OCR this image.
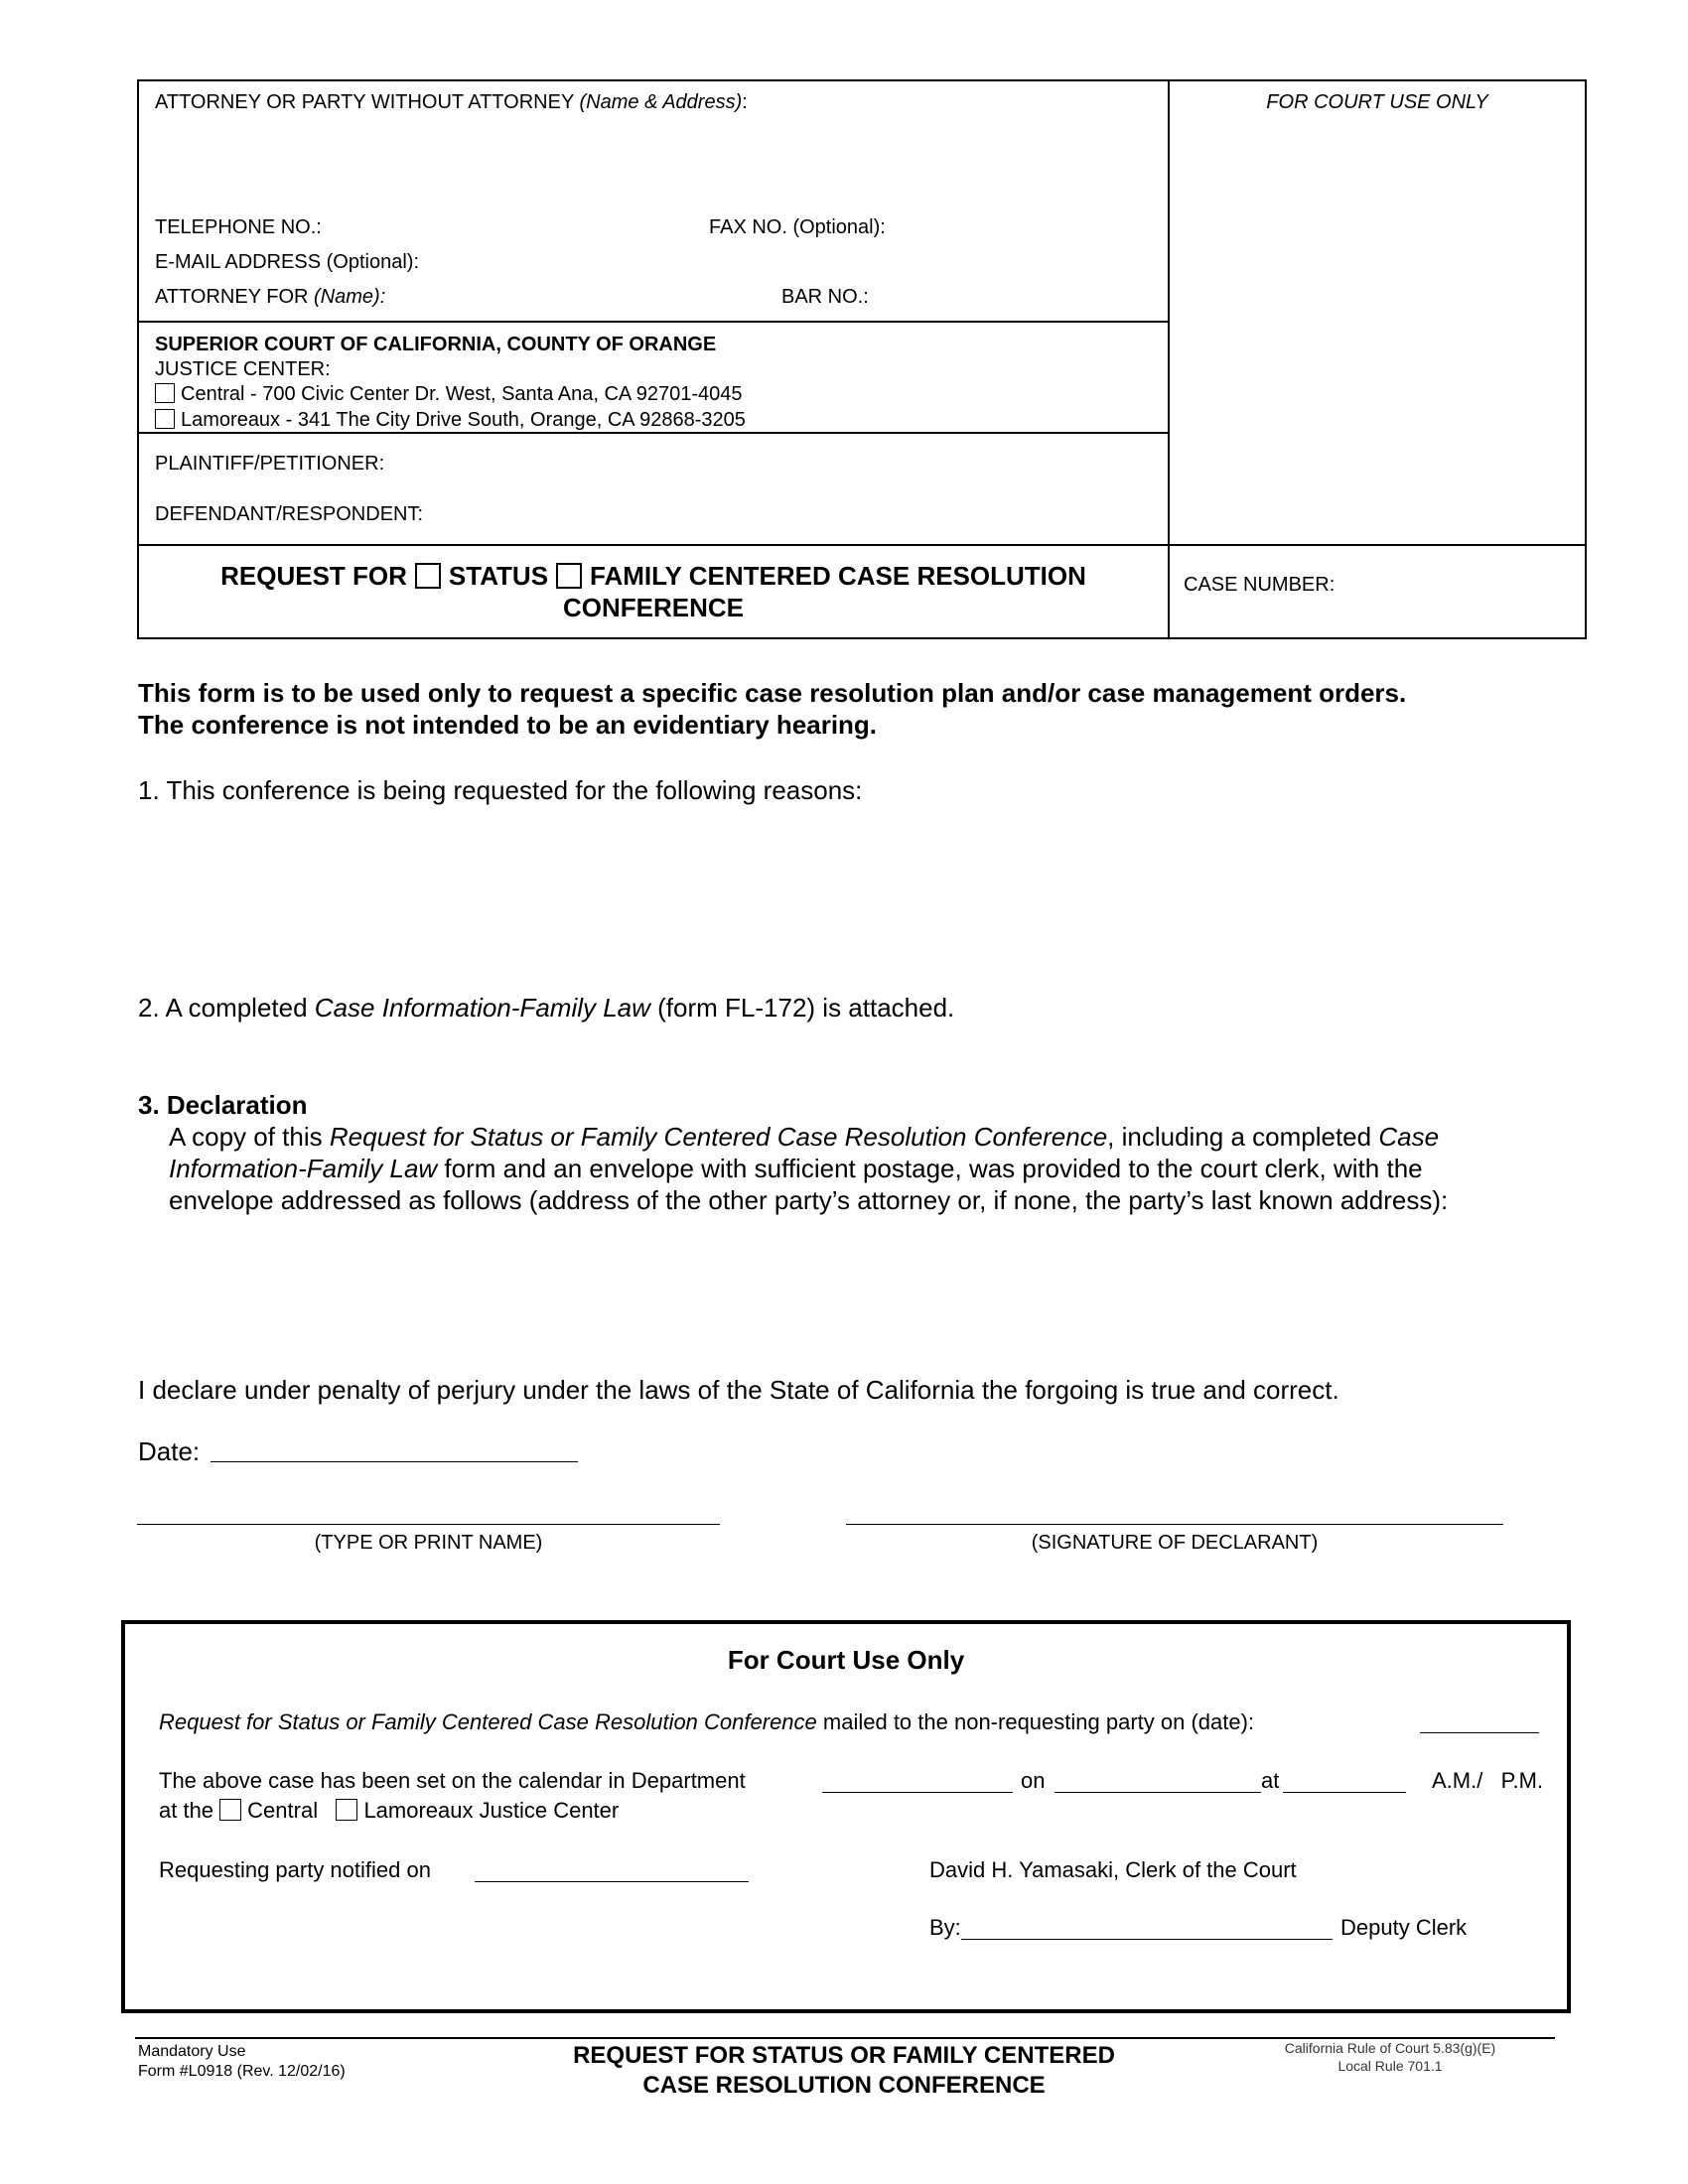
ATTORNEY OR PARTY WITHOUT ATTORNEY (Name & Address):	FOR COURT USE ONLY
TELEPHONE NO.:	FAX NO. (Optional):
E-MAIL ADDRESS (Optional):
ATTORNEY FOR (Name):	BAR NO.:
SUPERIOR COURT OF CALIFORNIA, COUNTY OF ORANGE
JUSTICE CENTER:
Central - 700 Civic Center Dr. West, Santa Ana, CA 92701-4045
Lamoreaux - 341 The City Drive South, Orange, CA 92868-3205
PLAINTIFF/PETITIONER:
DEFENDANT/RESPONDENT:
REQUEST FOR STATUS FAMILY CENTERED CASE RESOLUTION
CONFERENCE
CASE NUMBER:
This form is to be used only to request a specific case resolution plan and/or case management orders.
The conference is not intended to be an evidentiary hearing.
1. This conference is being requested for the following reasons:
2. A completed Case Information-Family Law (form FL-172) is attached.
3. Declaration
A copy of this Request for Status or Family Centered Case Resolution Conference, including a completed Case
Information-Family Law form and an envelope with sufficient postage, was provided to the court clerk, with the
envelope addressed as follows (address of the other party’s attorney or, if none, the party’s last known address):
I declare under penalty of perjury under the laws of the State of California the forgoing is true and correct.
Date:
(TYPE OR PRINT NAME)	(SIGNATURE OF DECLARANT)
For Court Use Only
Request for Status or Family Centered Case Resolution Conference mailed to the non-requesting party on (date):
The above case has been set on the calendar in Department	on	at	A.M./   P.M.
at the Central Lamoreaux Justice Center
Requesting party notified on	David H. Yamasaki, Clerk of the Court
By:	Deputy Clerk
Mandatory Use
Form #L0918 (Rev. 12/02/16)
REQUEST FOR STATUS OR FAMILY CENTERED
CASE RESOLUTION CONFERENCE
California Rule of Court 5.83(g)(E)
Local Rule 701.1
